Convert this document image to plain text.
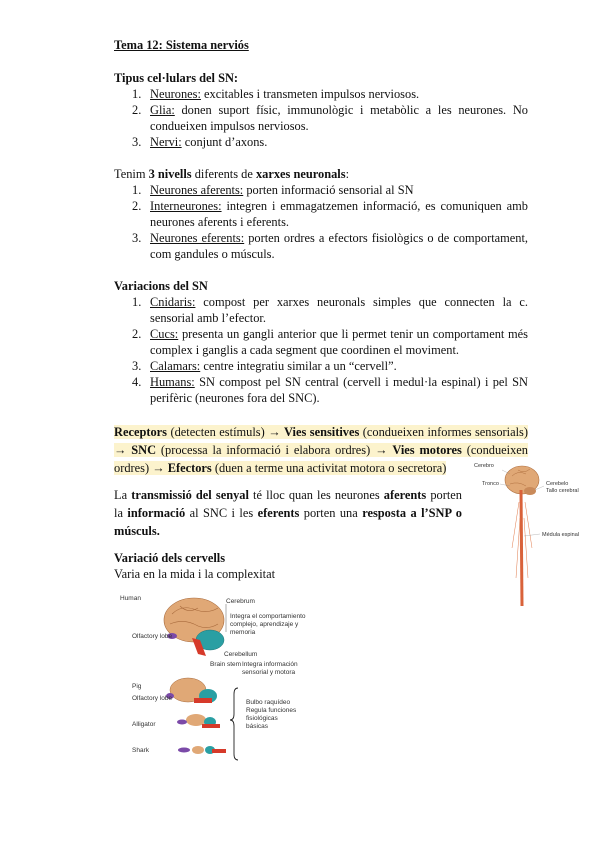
Tema 12: Sistema nerviós
Tipus cel·lulars del SN:
1. Neurones: excitables i transmeten impulsos nerviosos.
2. Glia: donen suport físic, immunològic i metabòlic a les neurones. No condueixen impulsos nerviosos.
3. Nervi: conjunt d’axons.
Tenim 3 nivells diferents de xarxes neuronals:
1. Neurones aferents: porten informació sensorial al SN
2. Interneurones: integren i emmagatzemen informació, es comuniquen amb neurones aferents i eferents.
3. Neurones eferents: porten ordres a efectors fisiològics o de comportament, com gandules o músculs.
Variacions del SN
1. Cnidaris: compost per xarxes neuronals simples que connecten la c. sensorial amb l’efector.
2. Cucs: presenta un gangli anterior que li permet tenir un comportament més complex i ganglis a cada segment que coordinen el moviment.
3. Calamars: centre integratiu similar a un “cervell”.
4. Humans: SN compost pel SN central (cervell i medul·la espinal) i pel SN perifèric (neurones fora del SNC).
Receptors (detecten estímuls) → Vies sensitives (condueixen informes sensorials) → SNC (processa la informació i elabora ordres) → Vies motores (condueixen ordres) → Efectors (duen a terme una activitat motora o secretora)
La transmissió del senyal té lloc quan les neurones aferents porten la informació al SNC i les eferents porten una resposta a l’SNP o músculs.
Cerebro
Tronco	Cerebelo
Tallo cerebral
Médula espinal
Variació dels cervells
Varia en la mida i la complexitat
Human	Cerebrum
Integra el comportamiento
complejo, aprendizaje y
memoria
Olfactory lobe
Cerebellum
Brain stem Integra información
sensorial y motora
Pig
Olfactory lobe
Alligator
Shark
Bulbo raquídeo
Regula funciones
fisiológicas
básicas
